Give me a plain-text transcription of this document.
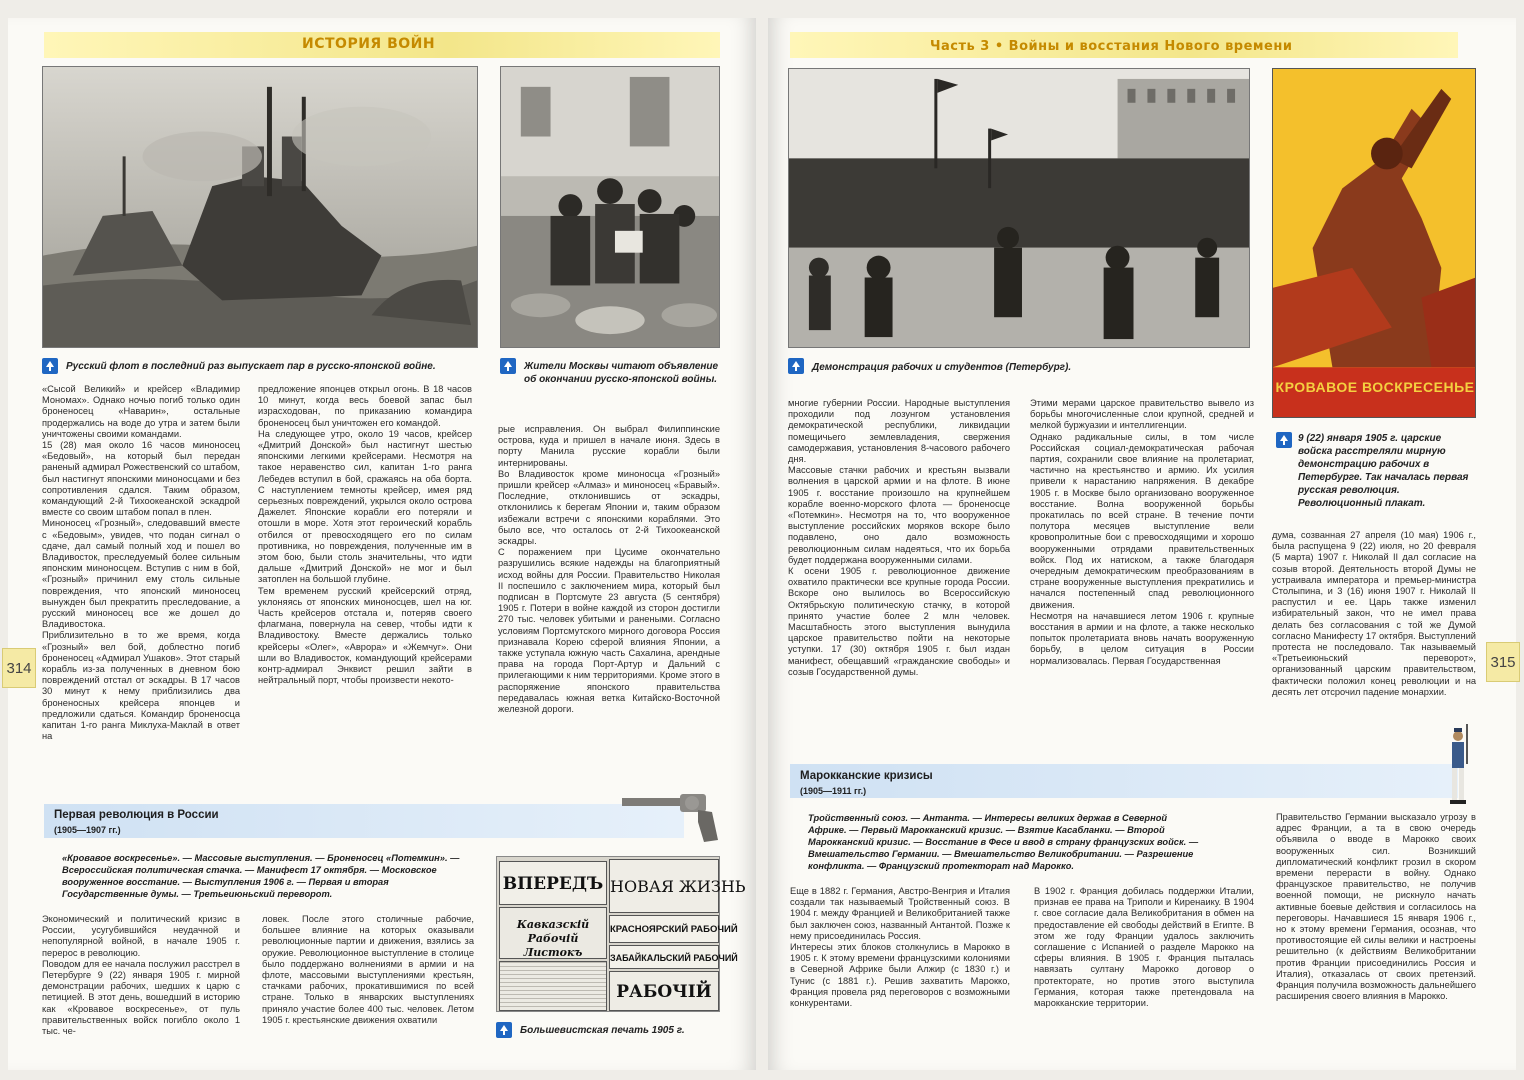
ИСТОРИЯ ВОЙН
Русский флот в последний раз выпускает пар в русско-японской войне.	Жители Москвы читают объявление об окончании русско-японской войны.
«Сысой Великий» и крейсер «Владимир Мономах». Однако ночью погиб только один броненосец «Наварин», остальные продержались на воде до утра и затем были уничтожены своими командами.
15 (28) мая около 16 часов миноносец «Бедовый», на который был передан раненый адмирал Рожественский со штабом, был настигнут японскими миноносцами и без сопротивления сдался. Таким образом, командующий 2-й Тихоокеанской эскадрой вместе со своим штабом попал в плен.
Миноносец «Грозный», следовавший вместе с «Бедовым», увидев, что подан сигнал о сдаче, дал самый полный ход и пошел во Владивосток, преследуемый более сильным японским миноносцем. Вступив с ним в бой, «Грозный» причинил ему столь сильные повреждения, что японский миноносец вынужден был прекратить преследование, а русский миноносец все же дошел до Владивостока.
Приблизительно в то же время, когда «Грозный» вел бой, доблестно погиб броненосец «Адмирал Ушаков». Этот старый корабль из-за полученных в дневном бою повреждений отстал от эскадры. В 17 часов 30 минут к нему приблизились два броненосных крейсера японцев и предложили сдаться. Командир броненосца капитан 1-го ранга Миклуха-Маклай в ответ на
предложение японцев открыл огонь. В 18 часов 10 минут, когда весь боевой запас был израсходован, по приказанию командира броненосец был уничтожен его командой.
На следующее утро, около 19 часов, крейсер «Дмитрий Донской» был настигнут шестью японскими легкими крейсерами. Несмотря на такое неравенство сил, капитан 1-го ранга Лебедев вступил в бой, сражаясь на оба борта. С наступлением темноты крейсер, имея ряд серьезных повреждений, укрылся около острова Дажелет. Японские корабли его потеряли и отошли в море. Хотя этот героический корабль отбился от превосходящего его по силам противника, но повреждения, полученные им в этом бою, были столь значительны, что идти дальше «Дмитрий Донской» не мог и был затоплен на большой глубине.
Тем временем русский крейсерский отряд, уклоняясь от японских миноносцев, шел на юг. Часть крейсеров отстала и, потеряв своего флагмана, повернула на север, чтобы идти к Владивостоку. Вместе держались только крейсеры «Олег», «Аврора» и «Жемчуг». Они шли во Владивосток, командующий крейсерами контр-адмирал Энквист решил зайти в нейтральный порт, чтобы произвести некото-
рые исправления. Он выбрал Филиппинские острова, куда и пришел в начале июня. Здесь в порту Манила русские корабли были интернированы.
Во Владивосток кроме миноносца «Грозный» пришли крейсер «Алмаз» и миноносец «Бравый». Последние, отклонившись от эскадры, отклонились к берегам Японии и, таким образом избежали встречи с японскими кораблями. Это было все, что осталось от 2-й Тихоокеанской эскадры.
С поражением при Цусиме окончательно разрушились всякие надежды на благоприятный исход войны для России. Правительство Николая II поспешило с заключением мира, который был подписан в Портсмуте 23 августа (5 сентября) 1905 г. Потери в войне каждой из сторон достигли 270 тыс. человек убитыми и ранеными. Согласно условиям Портсмутского мирного договора Россия признавала Корею сферой влияния Японии, а также уступала южную часть Сахалина, арендные права на города Порт-Артур и Дальний с прилегающими к ним территориями. Кроме этого в распоряжение японского правительства передавалась южная ветка Китайско-Восточной железной дороги.
314
Первая революция в России
(1905—1907 гг.)
«Кровавое воскресенье». — Массовые выступления. — Броненосец «Потемкин». — Всероссийская политическая стачка. — Манифест 17 октября. — Московское вооруженное восстание. — Выступления 1906 г. — Первая и вторая Государственные думы. — Третьеиюньский переворот.
Экономический и политический кризис в России, усугубившийся неудачной и непопулярной войной, в начале 1905 г. перерос в революцию.
Поводом для ее начала послужил расстрел в Петербурге 9 (22) января 1905 г. мирной демонстрации рабочих, шедших к царю с петицией. В этот день, вошедший в историю как «Кровавое воскресенье», от пуль правительственных войск погибло около 1 тыс. че-
ловек. После этого столичные рабочие, большее влияние на которых оказывали революционные партии и движения, взялись за оружие. Революционное выступление в столице было поддержано волнениями в армии и на флоте, массовыми выступлениями крестьян, стачками рабочих, прокатившимися по всей стране. Только в январских выступлениях приняло участие более 400 тыс. человек. Летом 1905 г. крестьянские движения охватили
ВПЕРЕДЪ НОВАЯ ЖИЗНЬ
КРАСНОЯРСКИЙ РАБОЧИЙ
Кавказскій Рабочій Листокъ	ЗАБАЙКАЛЬСКИЙ РАБОЧИЙ
РАБОЧІЙ
Большевистская печать 1905 г.
Часть 3 • Войны и восстания Нового времени
Демонстрация рабочих и студентов (Петербург).
КРОВАВОЕ ВОСКРЕСЕНЬЕ
9 (22) января 1905 г. царские войска расстреляли мирную демонстрацию рабочих в Петербурге. Так началась первая русская революция. Революционный плакат.
многие губернии России. Народные выступления проходили под лозунгом установления демократической республики, ликвидации помещичьего землевладения, свержения самодержавия, установления 8-часового рабочего дня.
Массовые стачки рабочих и крестьян вызвали волнения в царской армии и на флоте. В июне 1905 г. восстание произошло на крупнейшем корабле военно-морского флота — броненосце «Потемкин». Несмотря на то, что вооруженное выступление российских моряков вскоре было подавлено, оно дало возможность революционным силам надеяться, что их борьба будет поддержана вооруженными силами.
К осени 1905 г. революционное движение охватило практически все крупные города России. Вскоре оно вылилось во Всероссийскую Октябрьскую политическую стачку, в которой принято участие более 2 млн человек. Масштабность этого выступления вынудила царское правительство пойти на некоторые уступки. 17 (30) октября 1905 г. был издан манифест, обещавший «гражданские свободы» и созыв Государственной думы.
Этими мерами царское правительство вывело из борьбы многочисленные слои крупной, средней и мелкой буржуазии и интеллигенции.
Однако радикальные силы, в том числе Российская социал-демократическая рабочая партия, сохранили свое влияние на пролетариат, частично на крестьянство и армию. Их усилия привели к нарастанию напряжения. В декабре 1905 г. в Москве было организовано вооруженное восстание. Волна вооруженной борьбы прокатилась по всей стране. В течение почти полутора месяцев выступление вели кровопролитные бои с превосходящими и хорошо вооруженными отрядами правительственных войск. Под их натиском, а также благодаря очередным демократическим преобразованиям в стране вооруженные выступления прекратились и начался постепенный спад революционного движения.
Несмотря на начавшиеся летом 1906 г. крупные восстания в армии и на флоте, а также несколько попыток пролетариата вновь начать вооруженную борьбу, в целом ситуация в России нормализовалась. Первая Государственная
дума, созванная 27 апреля (10 мая) 1906 г., была распущена 9 (22) июля, но 20 февраля (5 марта) 1907 г. Николай II дал согласие на созыв второй. Деятельность второй Думы не устраивала императора и премьер-министра Столыпина, и 3 (16) июня 1907 г. Николай II распустил и ее. Царь также изменил избирательный закон, что не имел права делать без согласования с той же Думой согласно Манифесту 17 октября. Выступлений протеста не последовало. Так называемый «Третьеиюньский переворот», организованный царским правительством, фактически положил конец революции и на десять лет отсрочил падение монархии.
315
Марокканские кризисы
(1905—1911 гг.)
Тройственный союз. — Антанта. — Интересы великих держав в Северной Африке. — Первый Марокканский кризис. — Взятие Касабланки. — Второй Марокканский кризис. — Восстание в Фесе и ввод в страну французских войск. — Вмешательство Германии. — Вмешательство Великобритании. — Разрешение конфликта. — Французский протекторат над Марокко.
Еще в 1882 г. Германия, Австро-Венгрия и Италия создали так называемый Тройственный союз. В 1904 г. между Францией и Великобританией также был заключен союз, названный Антантой. Позже к нему присоединилась Россия.
Интересы этих блоков столкнулись в Марокко в 1905 г. К этому времени французскими колониями в Северной Африке были Алжир (с 1830 г.) и Тунис (с 1881 г.). Решив захватить Марокко, Франция провела ряд переговоров с возможными конкурентами.
В 1902 г. Франция добилась поддержки Италии, признав ее права на Триполи и Киренаику. В 1904 г. свое согласие дала Великобритания в обмен на предоставление ей свободы действий в Египте. В этом же году Франции удалось заключить соглашение с Испанией о разделе Марокко на сферы влияния. В 1905 г. Франция пыталась навязать султану Марокко договор о протекторате, но против этого выступила Германия, которая также претендовала на марокканские территории.
Правительство Германии высказало угрозу в адрес Франции, а та в свою очередь объявила о вводе в Марокко своих вооруженных сил. Возникший дипломатический конфликт грозил в скором времени перерасти в войну. Однако французское правительство, не получив военной помощи, не рискнуло начать активные боевые действия и согласилось на переговоры. Начавшиеся 15 января 1906 г., но к этому времени Германия, осознав, что противостоящие ей силы велики и настроены решительно (к действиям Великобритании против Франции присоединились Россия и Италия), отказалась от своих претензий. Франция получила возможность дальнейшего расширения своего влияния в Марокко.
